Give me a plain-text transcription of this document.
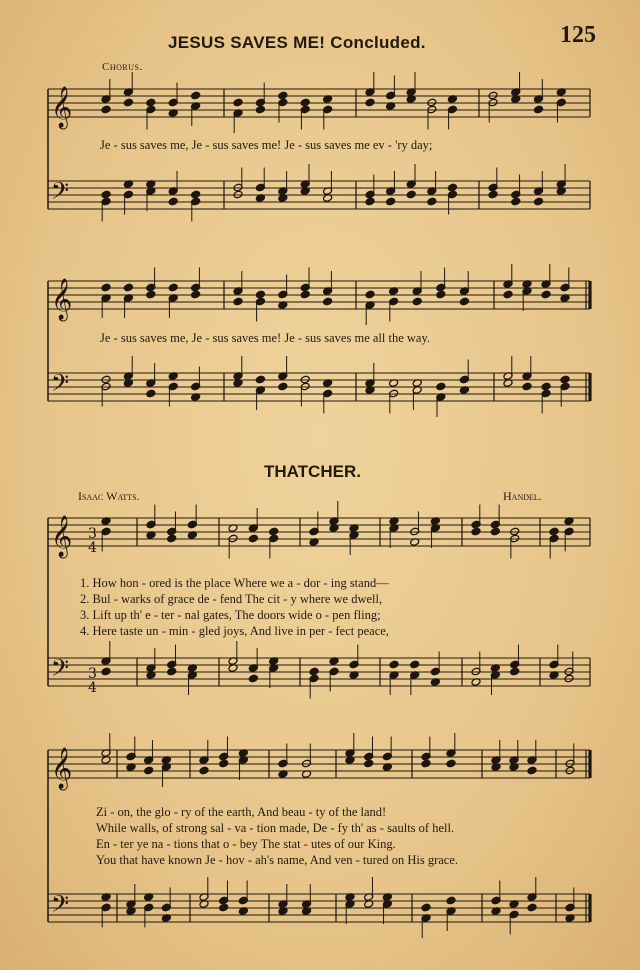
JESUS SAVES ME! Concluded.	125
Chorus.
Je - sus saves me, Je - sus saves me! Je - sus saves me ev - 'ry day;
Je - sus saves me, Je - sus saves me! Je - sus saves me all the way.
THATCHER.
Isaac Watts.	Handel.
1. How hon - ored is the place Where we a - dor - ing stand—
2. Bul - warks of grace de - fend The cit - y where we dwell,
3. Lift up th' e - ter - nal gates, The doors wide o - pen fling;
4. Here taste un - min - gled joys, And live in per - fect peace,
Zi - on, the glo - ry of the earth, And beau - ty of the land!
While walls, of strong sal - va - tion made, De - fy th' as - saults of hell.
En - ter ye na - tions that o - bey The stat - utes of our King.
You that have known Je - hov - ah's name, And ven - tured on His grace.
𝄞
𝄢
𝄞
𝄢
𝄞
𝄢
𝄞
𝄢
3
4
3
4
